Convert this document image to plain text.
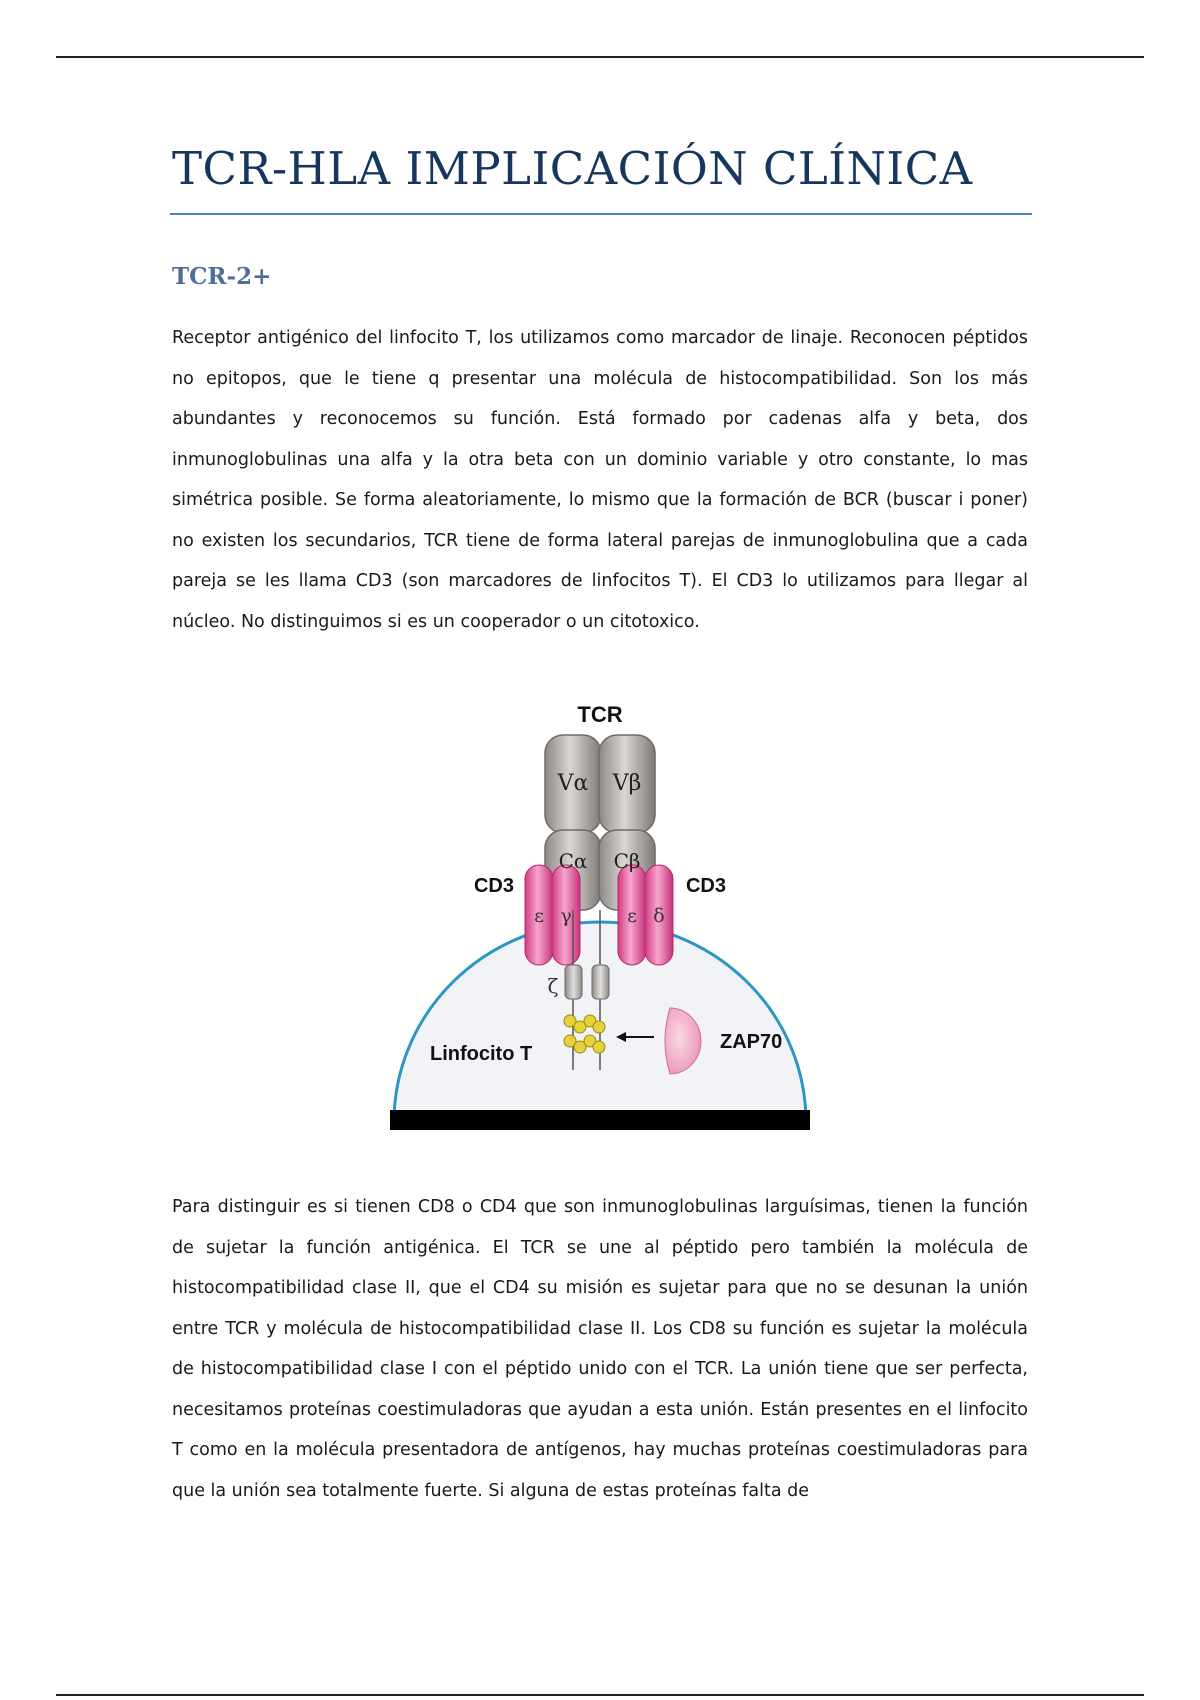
TCR-HLA IMPLICACIÓN CLÍNICA
TCR-2+

Receptor antigénico del linfocito T, los utilizamos como marcador de linaje. Reconocen péptidos no epitopos, que le tiene q presentar una molécula de histocompatibilidad. Son los más abundantes y reconocemos su función. Está formado por cadenas alfa y beta, dos inmunoglobulinas una alfa y la otra beta con un dominio variable y otro constante, lo mas simétrica posible. Se forma aleatoriamente, lo mismo que la formación de BCR (buscar i poner) no existen los secundarios, TCR tiene de forma lateral parejas de inmunoglobulina que a cada pareja se les llama CD3 (son marcadores de linfocitos T). El CD3 lo utilizamos para llegar al núcleo. No distinguimos si es un cooperador o un citotoxico.

TCR
Vα Vβ
Cα Cβ
CD3	CD3
ε γ	ε δ
ζ
Linfocito T
ZAP70

Para distinguir es si tienen CD8 o CD4 que son inmunoglobulinas larguísimas, tienen la función de sujetar la función antigénica. El TCR se une al péptido pero también la molécula de histocompatibilidad clase II, que el CD4 su misión es sujetar para que no se desunan la unión entre TCR y molécula de histocompatibilidad clase II. Los CD8 su función es sujetar la molécula de histocompatibilidad clase I con el péptido unido con el TCR. La unión tiene que ser perfecta, necesitamos proteínas coestimuladoras que ayudan a esta unión. Están presentes en el linfocito T como en la molécula presentadora de antígenos, hay muchas proteínas coestimuladoras para que la unión sea totalmente fuerte. Si alguna de estas proteínas falta de
